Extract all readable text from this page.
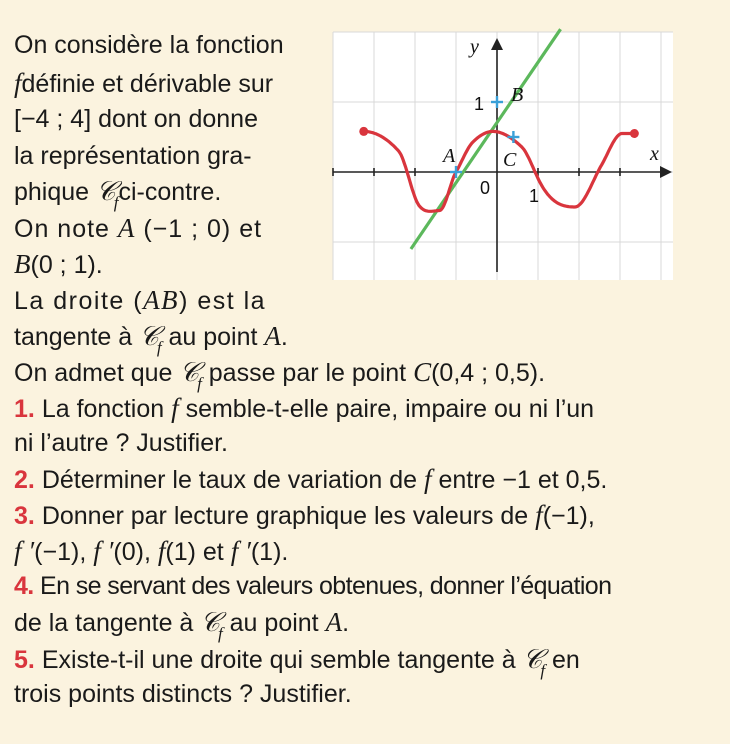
y
x
0 1
1
A
B
C
On considère la fonction
fdéfinie et dérivable sur
[−4 ; 4] dont on donne
la représentation gra-
phique 𝒞$_f$ci-contre.
On note A (−1 ; 0) et
B(0 ; 1).
La droite (AB) est la
tangente à 𝒞$_f$ au point A.
On admet que 𝒞$_f$ passe par le point C(0,4 ; 0,5).
1. La fonction f semble-t-elle paire, impaire ou ni l’un
ni l’autre ? Justifier.
2. Déterminer le taux de variation de f entre −1 et 0,5.
3. Donner par lecture graphique les valeurs de f(−1),
f ′(−1), f ′(0), f(1) et f ′(1).
4. En se servant des valeurs obtenues, donner l’équation
de la tangente à 𝒞$_f$ au point A.
5. Existe-t-il une droite qui semble tangente à 𝒞$_f$ en
trois points distincts ? Justifier.
